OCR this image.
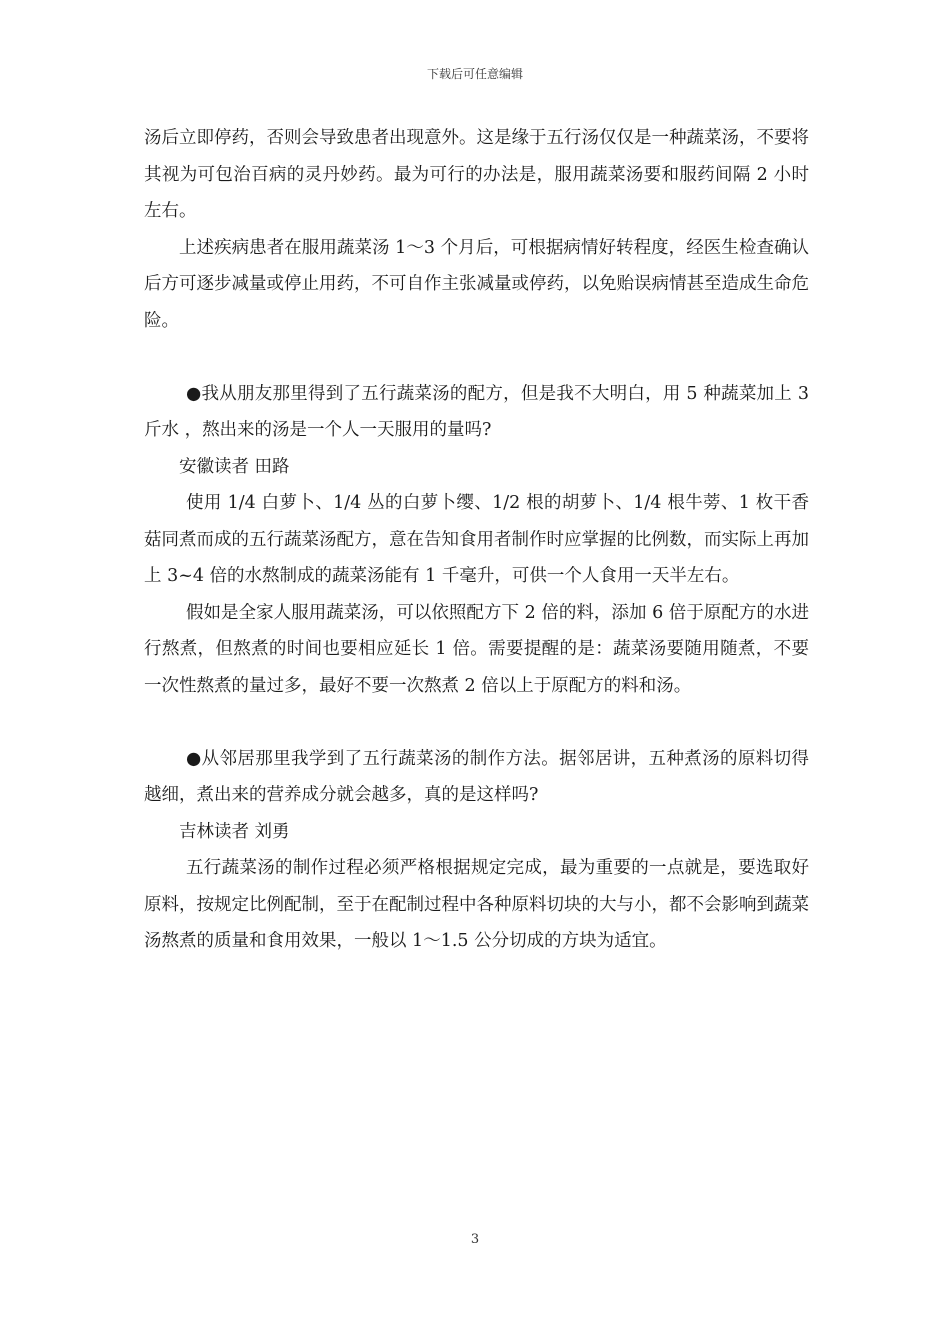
下载后可任意编辑

汤后立即停药，否则会导致患者出现意外。这是缘于五行汤仅仅是一种蔬菜汤，不要将其视为可包治百病的灵丹妙药。最为可行的办法是，服用蔬菜汤要和服药间隔 2 小时左右。

上述疾病患者在服用蔬菜汤 1～3 个月后，可根据病情好转程度，经医生检查确认后方可逐步减量或停止用药，不可自作主张减量或停药，以免贻误病情甚至造成生命危险。

●我从朋友那里得到了五行蔬菜汤的配方，但是我不大明白，用 5 种蔬菜加上 3 斤水 ，熬出来的汤是一个人一天服用的量吗?

安徽读者 田路

使用 1/4 白萝卜、1/4 丛的白萝卜缨、1/2 根的胡萝卜、1/4 根牛蒡、1 枚干香菇同煮而成的五行蔬菜汤配方，意在告知食用者制作时应掌握的比例数，而实际上再加上 3~4 倍的水熬制成的蔬菜汤能有 1 千毫升，可供一个人食用一天半左右。

假如是全家人服用蔬菜汤，可以依照配方下 2 倍的料，添加 6 倍于原配方的水进行熬煮，但熬煮的时间也要相应延长 1 倍。需要提醒的是：蔬菜汤要随用随煮，不要一次性熬煮的量过多，最好不要一次熬煮 2 倍以上于原配方的料和汤。

●从邻居那里我学到了五行蔬菜汤的制作方法。据邻居讲，五种煮汤的原料切得越细，煮出来的营养成分就会越多，真的是这样吗?

吉林读者 刘勇

五行蔬菜汤的制作过程必须严格根据规定完成，最为重要的一点就是，要选取好原料，按规定比例配制，至于在配制过程中各种原料切块的大与小，都不会影响到蔬菜汤熬煮的质量和食用效果，一般以 1～1.5 公分切成的方块为适宜。

3
